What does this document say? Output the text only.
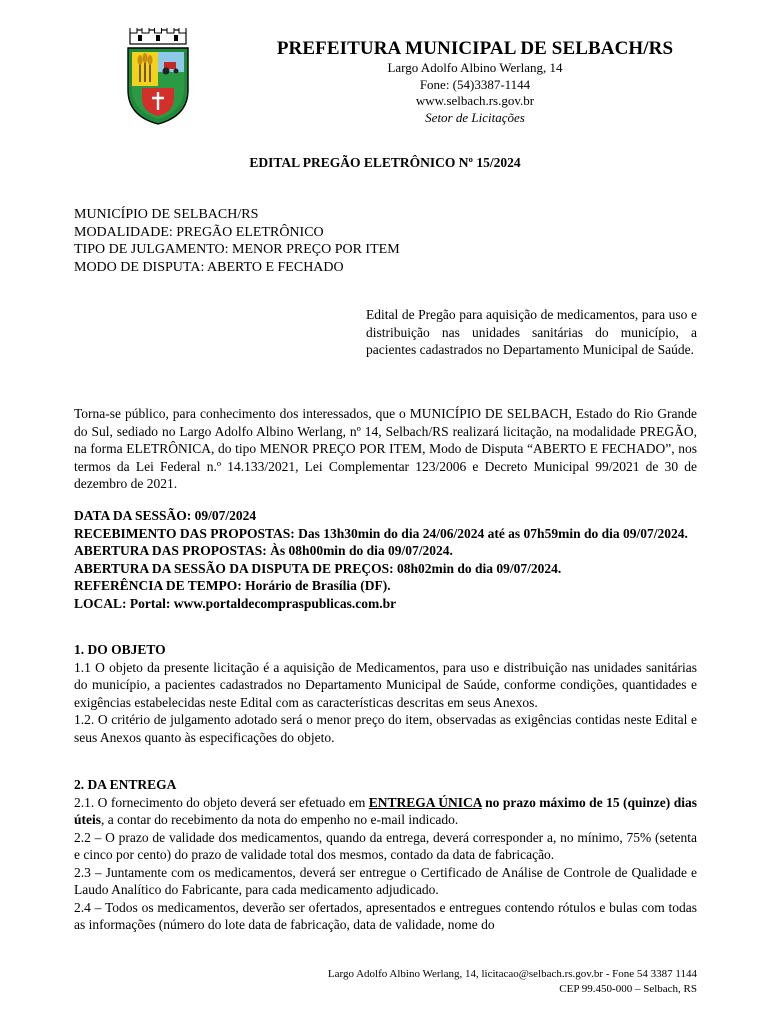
PREFEITURA MUNICIPAL DE SELBACH/RS
Largo Adolfo Albino Werlang, 14
Fone: (54)3387-1144
www.selbach.rs.gov.br
Setor de Licitações
EDITAL PREGÃO ELETRÔNICO Nº 15/2024
MUNICÍPIO DE SELBACH/RS
MODALIDADE: PREGÃO ELETRÔNICO
TIPO DE JULGAMENTO: MENOR PREÇO POR ITEM
MODO DE DISPUTA: ABERTO E FECHADO
Edital de Pregão para aquisição de medicamentos, para uso e distribuição nas unidades sanitárias do município, a pacientes cadastrados no Departamento Municipal de Saúde.

Torna-se público, para conhecimento dos interessados, que o MUNICÍPIO DE SELBACH, Estado do Rio Grande do Sul, sediado no Largo Adolfo Albino Werlang, nº 14, Selbach/RS realizará licitação, na modalidade PREGÃO, na forma ELETRÔNICA, do tipo MENOR PREÇO POR ITEM, Modo de Disputa “ABERTO E FECHADO”, nos termos da Lei Federal n.º 14.133/2021, Lei Complementar 123/2006 e Decreto Municipal 99/2021 de 30 de dezembro de 2021.

DATA DA SESSÃO: 09/07/2024

RECEBIMENTO DAS PROPOSTAS: Das 13h30min do dia 24/06/2024 até as 07h59min do dia 09/07/2024.

ABERTURA DAS PROPOSTAS: Às 08h00min do dia 09/07/2024.

ABERTURA DA SESSÃO DA DISPUTA DE PREÇOS: 08h02min do dia 09/07/2024.

REFERÊNCIA DE TEMPO: Horário de Brasília (DF).

LOCAL: Portal: www.portaldecompraspublicas.com.br

1. DO OBJETO

1.1 O objeto da presente licitação é a aquisição de Medicamentos, para uso e distribuição nas unidades sanitárias do município, a pacientes cadastrados no Departamento Municipal de Saúde, conforme condições, quantidades e exigências estabelecidas neste Edital com as características descritas em seus Anexos.

1.2. O critério de julgamento adotado será o menor preço do item, observadas as exigências contidas neste Edital e seus Anexos quanto às especificações do objeto.

2. DA ENTREGA

2.1. O fornecimento do objeto deverá ser efetuado em ENTREGA ÚNICA no prazo máximo de 15 (quinze) dias úteis, a contar do recebimento da nota do empenho no e-mail indicado.

2.2 – O prazo de validade dos medicamentos, quando da entrega, deverá corresponder a, no mínimo, 75% (setenta e cinco por cento) do prazo de validade total dos mesmos, contado da data de fabricação.

2.3 – Juntamente com os medicamentos, deverá ser entregue o Certificado de Análise de Controle de Qualidade e Laudo Analítico do Fabricante, para cada medicamento adjudicado.

2.4 – Todos os medicamentos, deverão ser ofertados, apresentados e entregues contendo rótulos e bulas com todas as informações (número do lote data de fabricação, data de validade, nome do

Largo Adolfo Albino Werlang, 14, licitacao@selbach.rs.gov.br - Fone 54 3387 1144
CEP 99.450-000 – Selbach, RS
